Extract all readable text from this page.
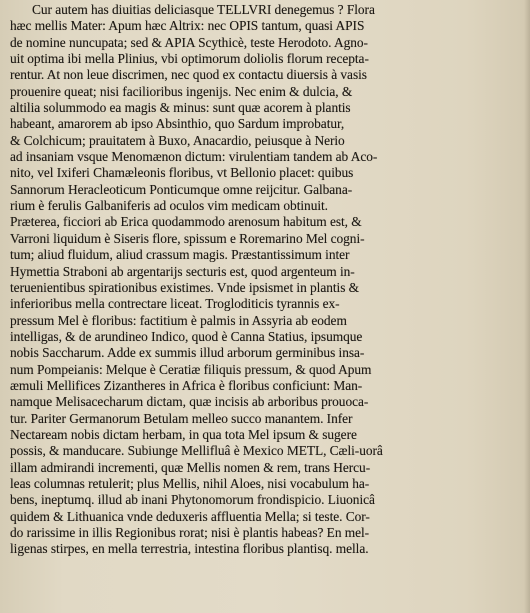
Cur autem has diuitias deliciasque TELLVRI denegemus ? Flora
hæc mellis Mater: Apum hæc Altrix: nec OPIS tantum, quasi APIS
de nomine nuncupata; sed & APIA Scythicè, teste Herodoto. Agno-
uit optima ibi mella Plinius, vbi optimorum doliolis florum recepta-
rentur. At non leue discrimen, nec quod ex contactu diuersis à vasis
prouenire queat; nisi facilioribus ingenijs. Nec enim & dulcia, &
altilia solummodo ea magis & minus: sunt quæ acorem à plantis
habeant, amarorem ab ipso Absinthio, quo Sardum improbatur,
& Colchicum; prauitatem à Buxo, Anacardio, peiusque à Nerio
ad insaniam vsque Menomænon dictum: virulentiam tandem ab Aco-
nito, vel Ixiferi Chamæleonis floribus, vt Bellonio placet: quibus
Sannorum Heracleoticum Ponticumque omne reijcitur. Galbana-
rium è ferulis Galbaniferis ad oculos vim medicam obtinuit.
Præterea, ficciori ab Erica quodammodo arenosum habitum est, &
Varroni liquidum è Siseris flore, spissum e Roremarino Mel cogni-
tum; aliud fluidum, aliud crassum magis. Præstantissimum inter
Hymettia Straboni ab argentarijs secturis est, quod argenteum in-
teruenientibus spirationibus existimes. Vnde ipsismet in plantis &
inferioribus mella contrectare liceat. Trogloditicis tyrannis ex-
pressum Mel è floribus: factitium è palmis in Assyria ab eodem
intelligas, & de arundineo Indico, quod è Canna Statius, ipsumque
nobis Saccharum. Adde ex summis illud arborum germinibus insa-
num Pompeianis: Melque è Ceratiæ filiquis pressum, & quod Apum
æmuli Mellifices Zizantheres in Africa è floribus conficiunt: Man-
namque Melisacecharum dictam, quæ incisis ab arboribus prouoca-
tur. Pariter Germanorum Betulam melleo succo manantem. Infer
Nectaream nobis dictam herbam, in qua tota Mel ipsum & sugere
possis, & manducare. Subiunge Mellifluâ è Mexico METL, Cæli-uorâ
illam admirandi incrementi, quæ Mellis nomen & rem, trans Hercu-
leas columnas retulerit; plus Mellis, nihil Aloes, nisi vocabulum ha-
bens, ineptumq. illud ab inani Phytonomorum frondispicio. Liuonicâ
quidem & Lithuanica vnde deduxeris affluentia Mella; si teste. Cor-
do rarissime in illis Regionibus rorat; nisi è plantis habeas? En mel-
ligenas stirpes, en mella terrestria, intestina floribus plantisq. mella.
